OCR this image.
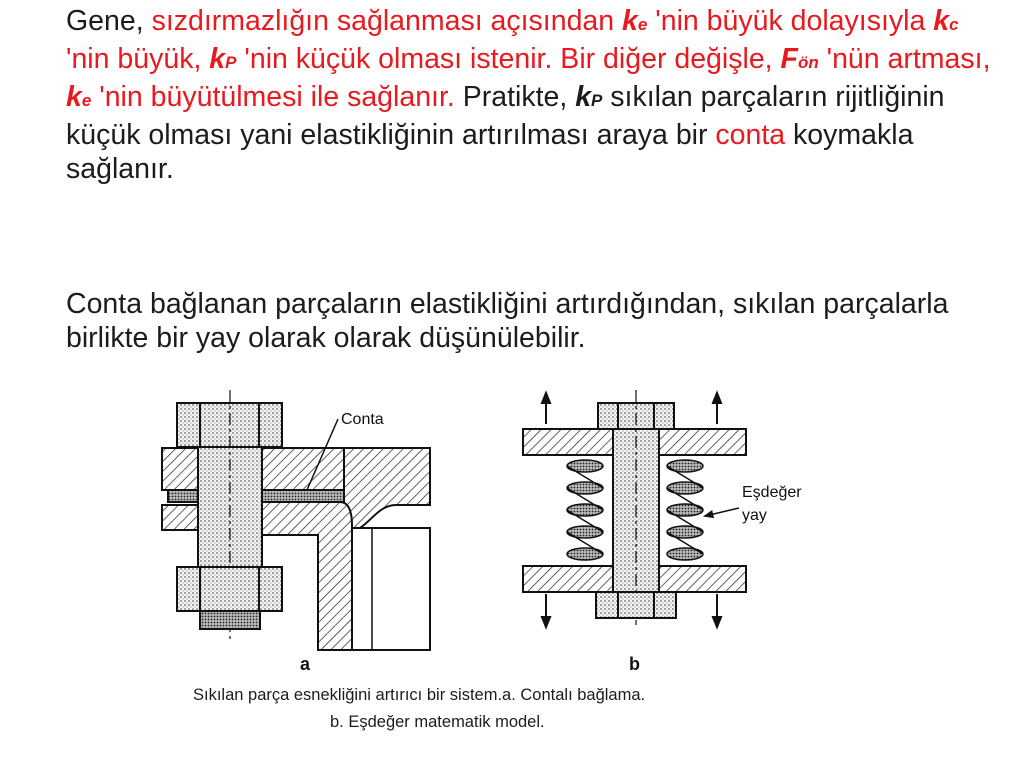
Gene, sızdırmazlığın sağlanması açısından ke 'nin büyük dolayısıyla kc 'nin büyük, kP 'nin küçük olması istenir. Bir diğer değişle, Fön 'nün artması, ke 'nin büyütülmesi ile sağlanır. Pratikte, kP sıkılan parçaların rijitliğinin küçük olması yani elastikliğinin artırılması araya bir conta koymakla sağlanır.

Conta bağlanan parçaların elastikliğini artırdığından, sıkılan parçalarla birlikte bir yay olarak olarak düşünülebilir.

Conta
a
Eşdeğer
yay
b

Sıkılan parça esnekliğini artırıcı bir sistem.a. Contalı bağlama.

b. Eşdeğer matematik model.
